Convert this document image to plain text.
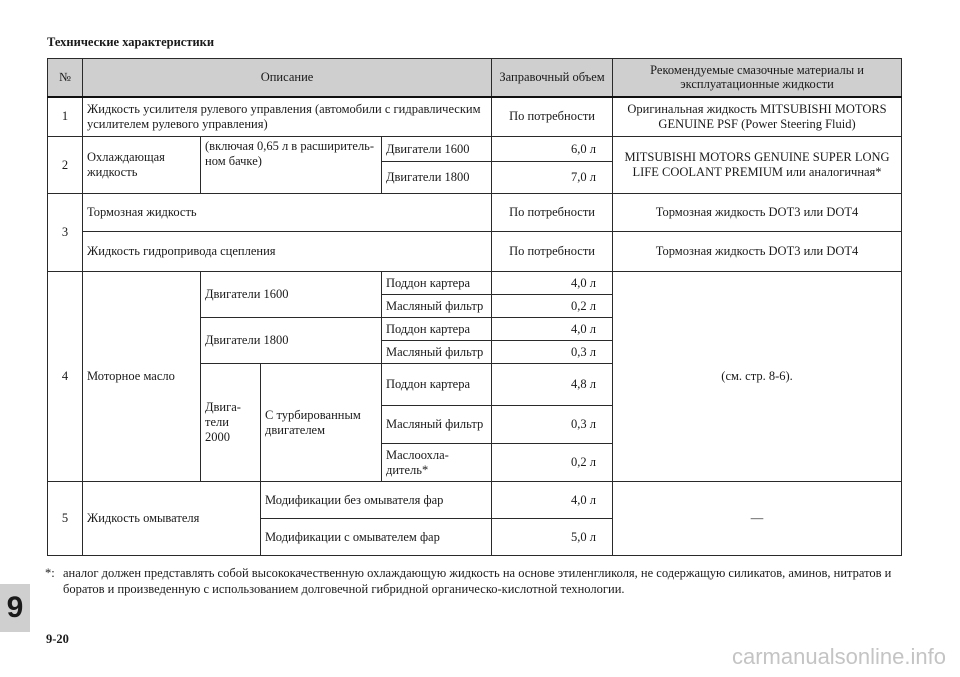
Технические характеристики
№	Описание				Заправочный объем	Рекомендуемые смазочные материалы и эксплуатационные жидкости
1	Жидкость усилителя рулевого управления (автомобили с гидравлическим усилителем рулевого управления)				По потребности	Оригинальная жидкость MITSUBISHI MOTORS GENUINE PSF (Power Steering Fluid)
2	Охлаждающая жидкость	(включая 0,65 л в расширитель-ном бачке)		Двигатели 1600	6,0 л	MITSUBISHI MOTORS GENUINE SUPER LONG LIFE COOLANT PREMIUM или аналогичная*
				Двигатели 1800	7,0 л	
3	Тормозная жидкость				По потребности	Тормозная жидкость DOT3 или DOT4
	Жидкость гидропривода сцепления				По потребности	Тормозная жидкость DOT3 или DOT4
4	Моторное масло	Двигатели 1600		Поддон картера	4,0 л	(см. стр. 8-6).
				Масляный фильтр	0,2 л	
		Двигатели 1800		Поддон картера	4,0 л	
				Масляный фильтр	0,3 л	
		Двига-тели 2000	С турбированным двигателем	Поддон картера	4,8 л	
				Масляный фильтр	0,3 л	
				Маслоохла-дитель*	0,2 л	
5	Жидкость омывателя		Модификации без омывателя фар		4,0 л	—
			Модификации с омывателем фар		5,0 л	
*: аналог должен представлять собой высококачественную охлаждающую жидкость на основе этиленгликоля, не содержащую силикатов, аминов, нитратов и боратов и произведенную с использованием долговечной гибридной органическо-кислотной технологии.
9
9-20
carmanualsonline.info
